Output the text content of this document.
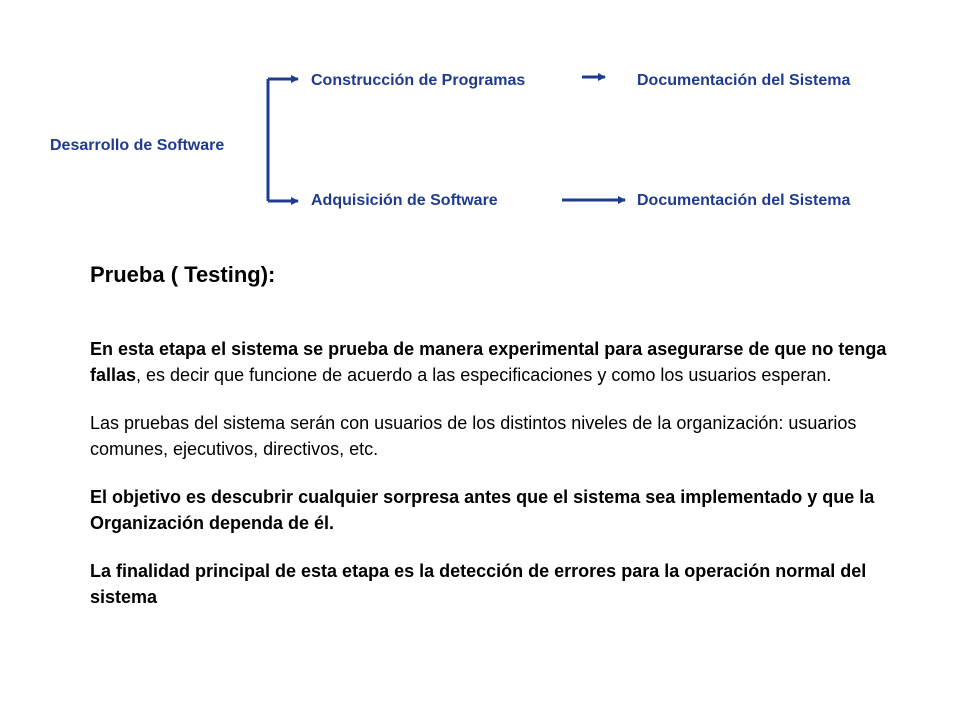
Desarrollo de Software
Construcción de Programas	Documentación del Sistema
Adquisición de Software	Documentación del Sistema
Prueba ( Testing):

En esta etapa el sistema se prueba de manera experimental para asegurarse de que no tenga fallas, es decir que funcione de acuerdo a las especificaciones y como los usuarios esperan.

Las pruebas del sistema serán con usuarios de los distintos niveles de la organización: usuarios comunes, ejecutivos, directivos, etc.

El objetivo es descubrir cualquier sorpresa antes que el sistema sea implementado y que la Organización dependa de él.

La finalidad principal de esta etapa es la detección de errores para la operación normal del sistema
